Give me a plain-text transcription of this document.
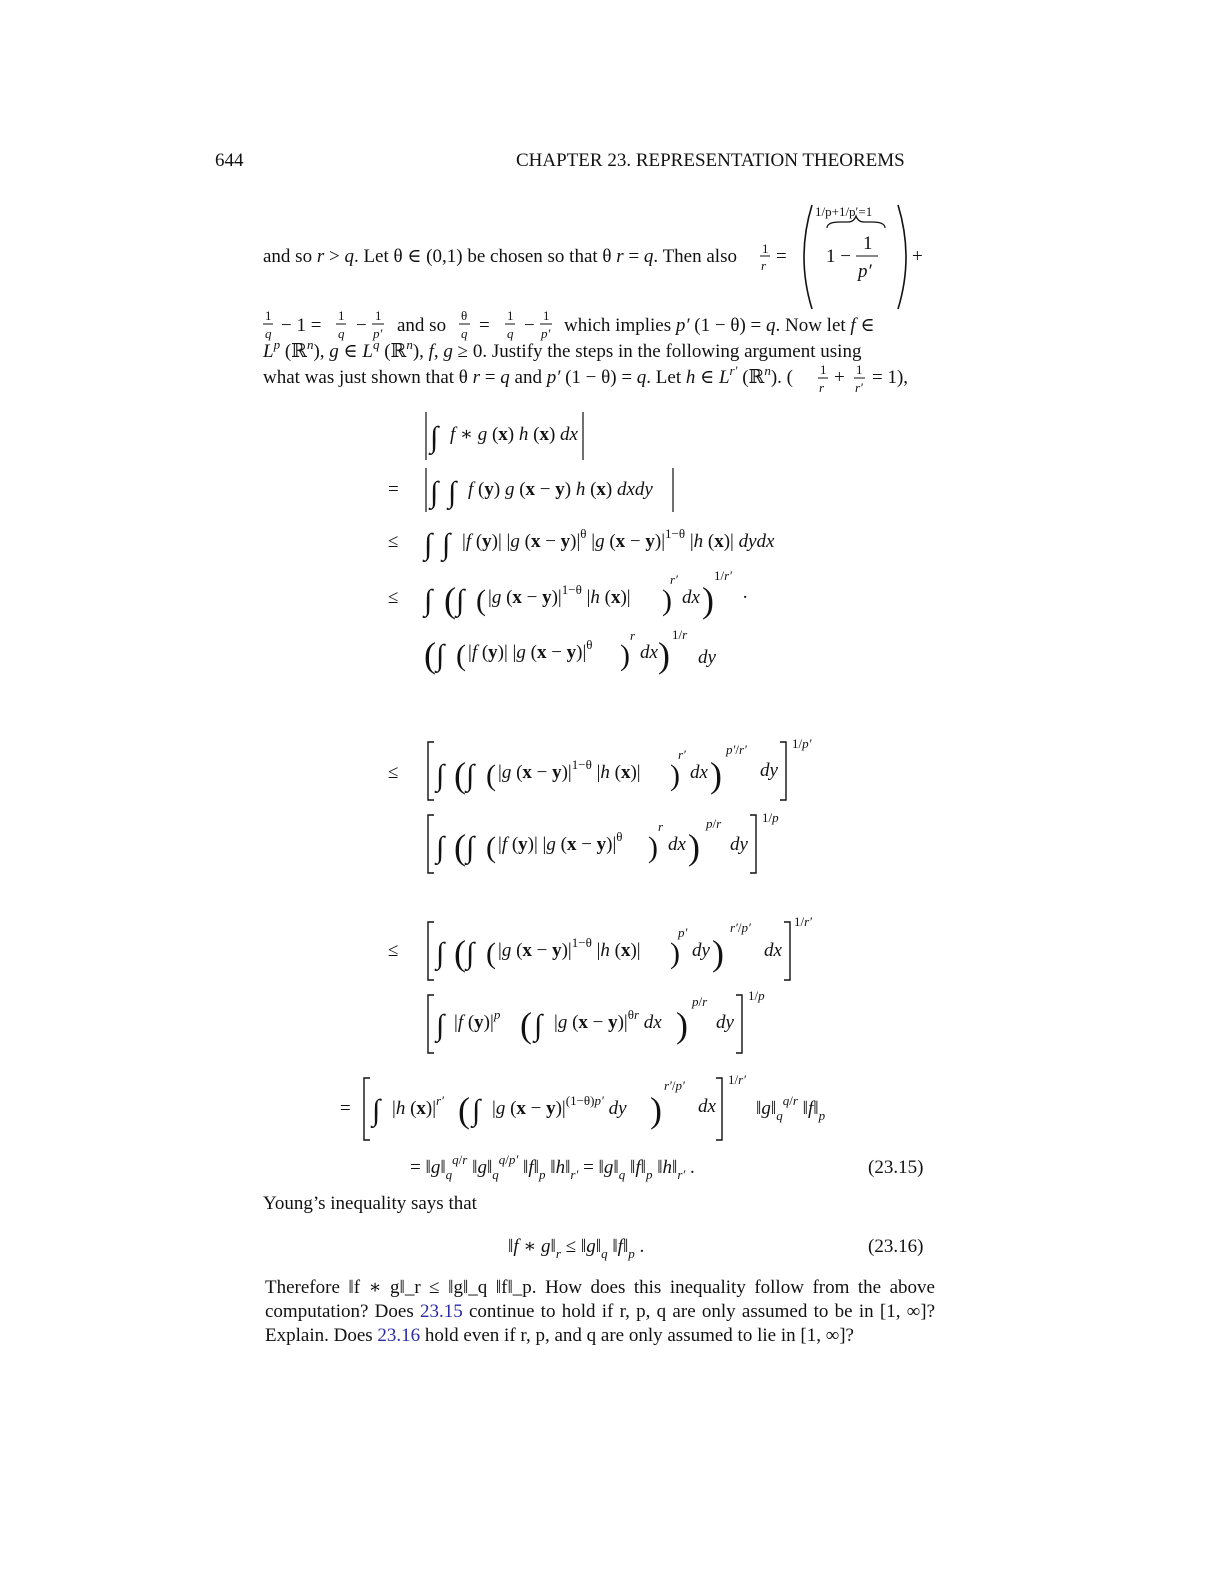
644	CHAPTER 23. REPRESENTATION THEOREMS
and so r > q. Let θ ∈ (0,1) be chosen so that θ r = q. Then also 1
r =
1/p+1/p′=1
1 −
1
p′
+
1
q − 1 = 1
q − 1
p′ and so θ
q = 1
q − 1
p′ which implies p′ (1 − θ) = q. Now let f ∈
$L^p$ (ℝ$^n$), g ∈ $L^q$ (ℝ$^n$), f, g ≥ 0. Justify the steps in the following argument using
what was just shown that θ r = q and p′ (1 − θ) = q. Let h ∈ $L^{r'}$ (ℝ$^n$). ( 1
r + 1
r′ = 1),
∫ f ∗ g (x) h (x) dx
= ∫ ∫ f (y) g (x − y) h (x) dxdy
≤ ∫ ∫ |f (y)| |g $(x - y)|^\theta$ |g $(x - y)|^{1-\theta}$ |h (x)| dydx
≤ ∫ ( ∫ ( |g $(x - y)|^{1-\theta}$ |h (x)| )
r′
dx )
1/r′
·
( ∫ ( |f (y)| |g $(x - y)|^\theta$ )
r
dx )
1/r
dy
≤ ∫ ( ∫ ( |g $(x - y)|^{1-\theta}$ |h (x)| )
r′
dx )
p′/r′
dy
1/p′
∫ ( ∫ ( |f (y)| |g $(x - y)|^\theta$ )
r
dx )
p/r
dy
1/p
≤ ∫ ( ∫ ( |g $(x - y)|^{1-\theta}$ |h (x)| )
p′
dy )
r′/p′
dx
1/r′
∫ |f $(y)|^p$ ( ∫ |g $(x - y)|^{\theta r}$ dx )
p/r
dy
1/p
= ∫ |h $(x)|^{r'}$ ( ∫ |g $(x - y)|^{(1-\theta)p'}$ dy )
r′/p′
dx
1/r′
$‖g‖_q^{q/r}$ $‖f‖_p$
= $‖g‖_q^{q/r}$ $‖g‖_q^{q/p'}$ $‖f‖_p$ $‖h‖_{r'}$ = $‖g‖_q$ $‖f‖_p$ $‖h‖_{r'}$ .	(23.15)
Young’s inequality says that
‖f ∗ $g‖_r$ ≤ $‖g‖_q$ $‖f‖_p$ .	(23.16)
Therefore ‖f ∗ g‖_r ≤ ‖g‖_q ‖f‖_p. How does this inequality follow from the above computation? Does 23.15 continue to hold if r, p, q are only assumed to be in [1, ∞]? Explain. Does 23.16 hold even if r, p, and q are only assumed to lie in [1, ∞]?
